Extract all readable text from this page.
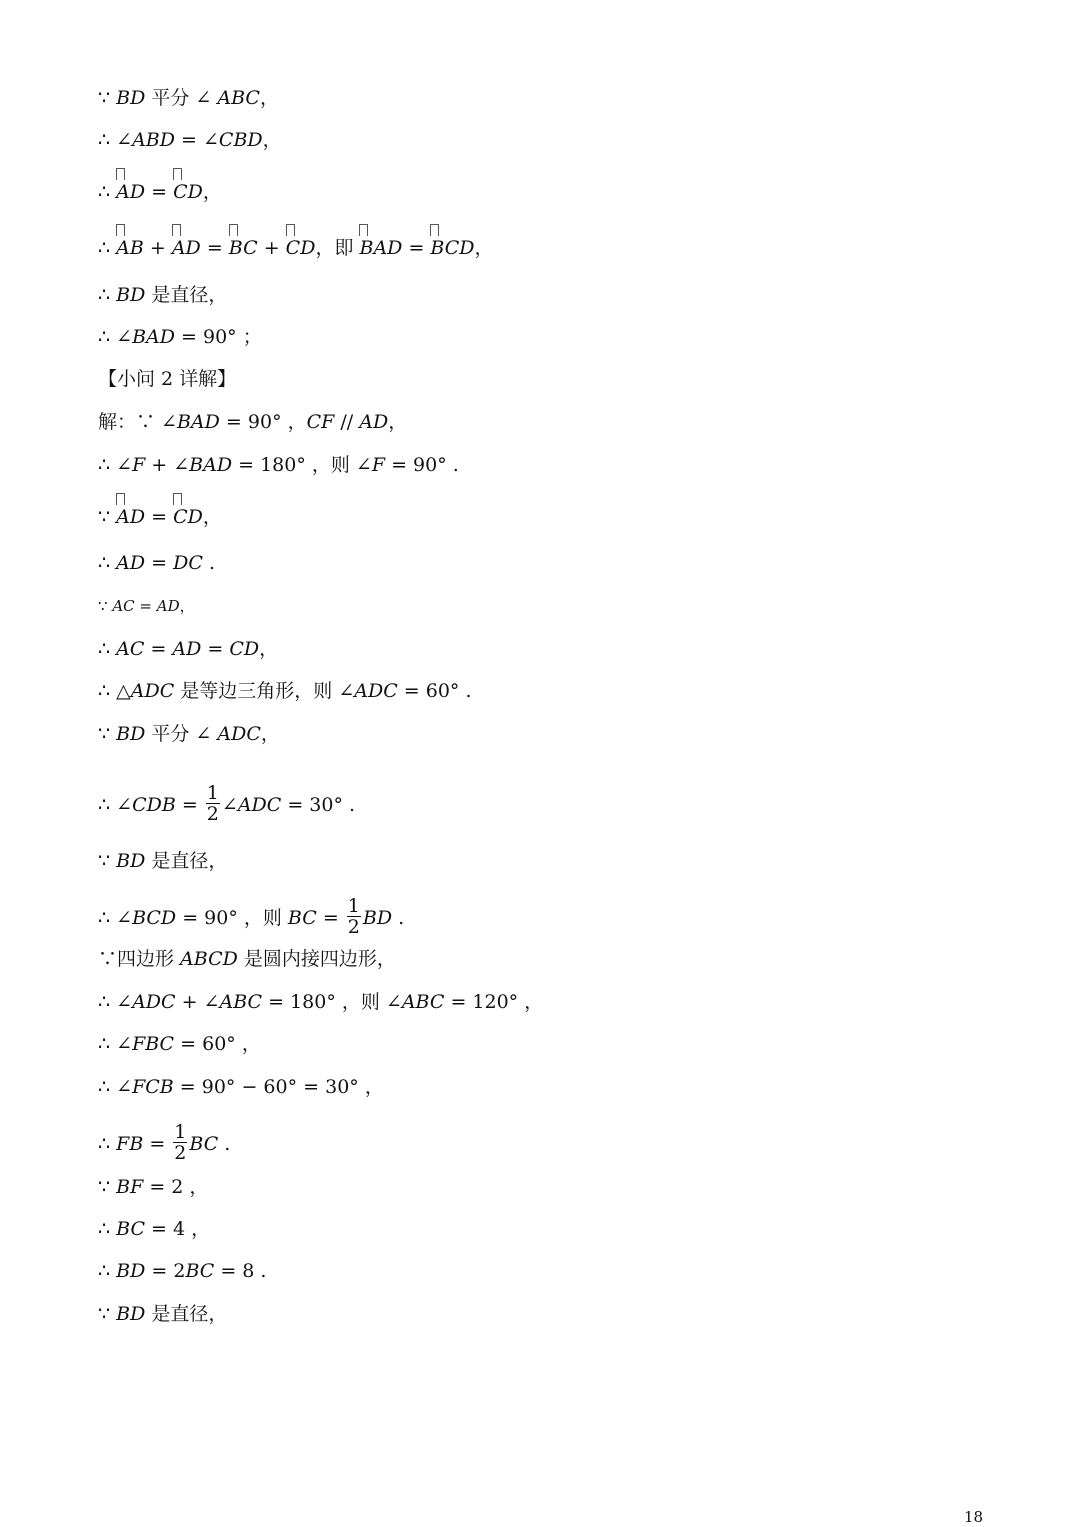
∵ BD 平分 ∠ ABC，
∴ ∠ABD = ∠CBD，
∴ AD = CD，
∴ AB + AD = BC + CD，即 BAD = BCD，
∴ BD 是直径，
∴ ∠BAD = 90° ；
【小问 2 详解】
解：∵ ∠BAD = 90° ，CF // AD，
∴ ∠F + ∠BAD = 180° ，则 ∠F = 90° .
∵ AD = CD，
∴ AD = DC .
∵ AC = AD，
∴ AC = AD = CD，
∴ △ADC 是等边三角形，则 ∠ADC = 60° .
∵ BD 平分 ∠ ADC，
∴ ∠CDB = $\frac{1}{2}$ ∠ADC = 30° .
∵ BD 是直径，
∴ ∠BCD = 90° ，则 BC = $\frac{1}{2}$ BD .
∵四边形 ABCD 是圆内接四边形，
∴ ∠ADC + ∠ABC = 180° ，则 ∠ABC = 120° ，
∴ ∠FBC = 60° ，
∴ ∠FCB = 90° − 60° = 30° ，
∴ FB = $\frac{1}{2}$ BC .
∵ BF = 2 ，
∴ BC = 4 ，
∴ BD = 2BC = 8 .
∵ BD 是直径，
18
